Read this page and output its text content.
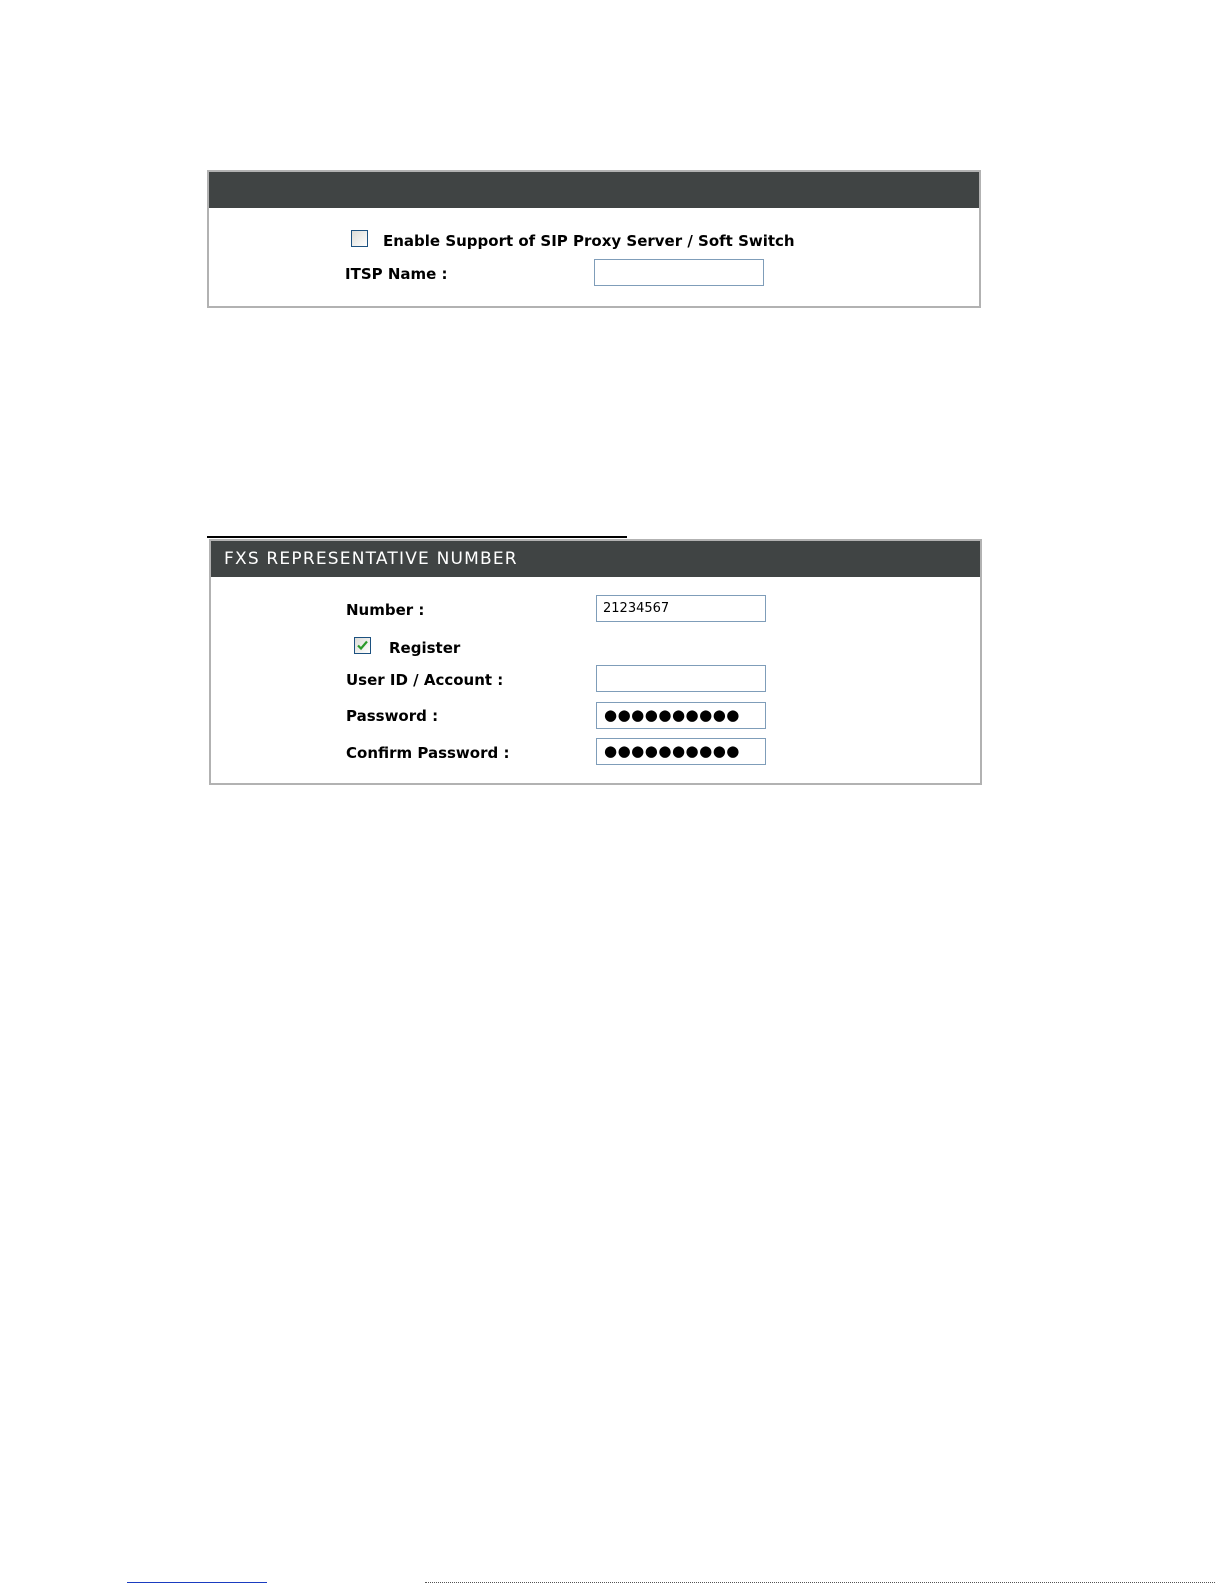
Enable Support of SIP Proxy Server / Soft Switch
ITSP Name :
FXS REPRESENTATIVE NUMBER
Number :	21234567
Register
User ID / Account :
Password :	●●●●●●●●●●
Confirm Password :	●●●●●●●●●●
